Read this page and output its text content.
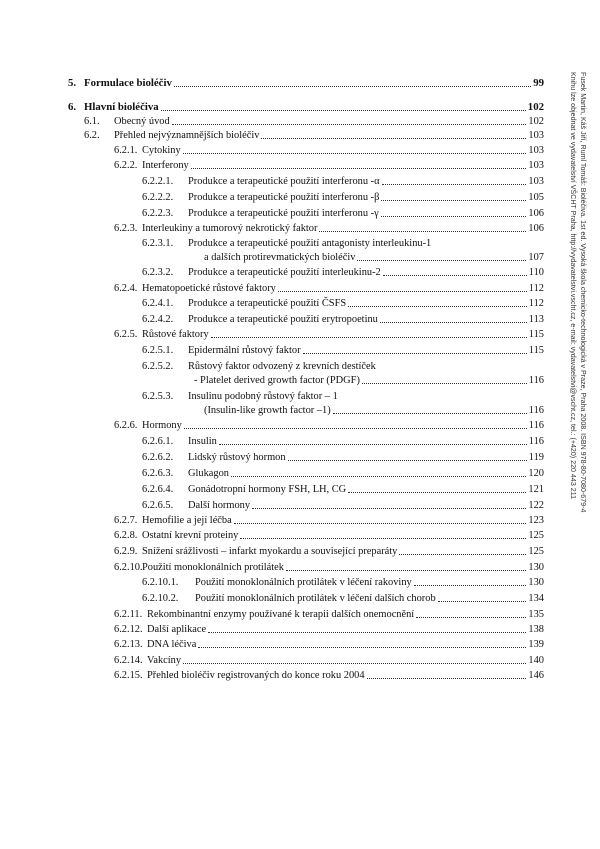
5. Formulace bioléčiv	99
6. Hlavní bioléčiva	102
6.1.	Obecný úvod	102
6.2.	Přehled nejvýznamnějších bioléčiv	103
6.2.1. Cytokiny	103
6.2.2. Interferony	103
6.2.2.1.	Produkce a terapeutické použití interferonu -α	103
6.2.2.2.	Produkce a terapeutické použití interferonu -β	105
6.2.2.3.	Produkce a terapeutické použití interferonu -γ	106
6.2.3. Interleukiny a tumorový nekrotický faktor	106
6.2.3.1.	Produkce a terapeutické použití antagonisty interleukinu-1
a dalších protirevmatických bioléčiv	107
6.2.3.2.	Produkce a terapeutické použití interleukinu-2	110
6.2.4. Hematopoetické růstové faktory	112
6.2.4.1.	Produkce a terapeutické použití ČSFS	112
6.2.4.2.	Produkce a terapeutické použití erytropoetinu	113
6.2.5. Růstové faktory	115
6.2.5.1.	Epidermální růstový faktor	115
6.2.5.2.	Růstový faktor odvozený z krevních destíček
- Platelet derived growth factor (PDGF)	116
6.2.5.3.	Insulinu podobný růstový faktor – 1
(Insulin-like growth factor –1)	116
6.2.6. Hormony	116
6.2.6.1.	Insulin	116
6.2.6.2.	Lidský růstový hormon	119
6.2.6.3.	Glukagon	120
6.2.6.4.	Gonádotropní hormony FSH, LH, CG	121
6.2.6.5.	Další hormony	122
6.2.7. Hemofilie a její léčba	123
6.2.8. Ostatní krevní proteiny	125
6.2.9. Snížení srážlivosti – infarkt myokardu a související preparáty	125
6.2.10. Použití monoklonálních protilátek	130
6.2.10.1.	Použití monoklonálních protilátek v léčení rakoviny	130
6.2.10.2.	Použití monoklonálních protilátek v léčení dalších chorob	134
6.2.11. Rekombinantní enzymy používané k terapii dalších onemocnění	135
6.2.12. Další aplikace	138
6.2.13. DNA léčiva	139
6.2.14. Vakcíny	140
6.2.15. Přehled bioléčiv registrovaných do konce roku 2004	146
Fusek Martin, Káš Jiří, Ruml Tomáš: Bioléčiva. 1st ed. Vysoká škola chemicko-technologická v Praze, Praha 2008. ISBN 978-80-7080-679-4
Knihu lze objednat ve vydavatelství VŠCHT Praha, http://vydavatelstvi.vscht.cz, e-mail: vydavatelstvi@vscht.cz, tel.: (+420) 220 443 211
